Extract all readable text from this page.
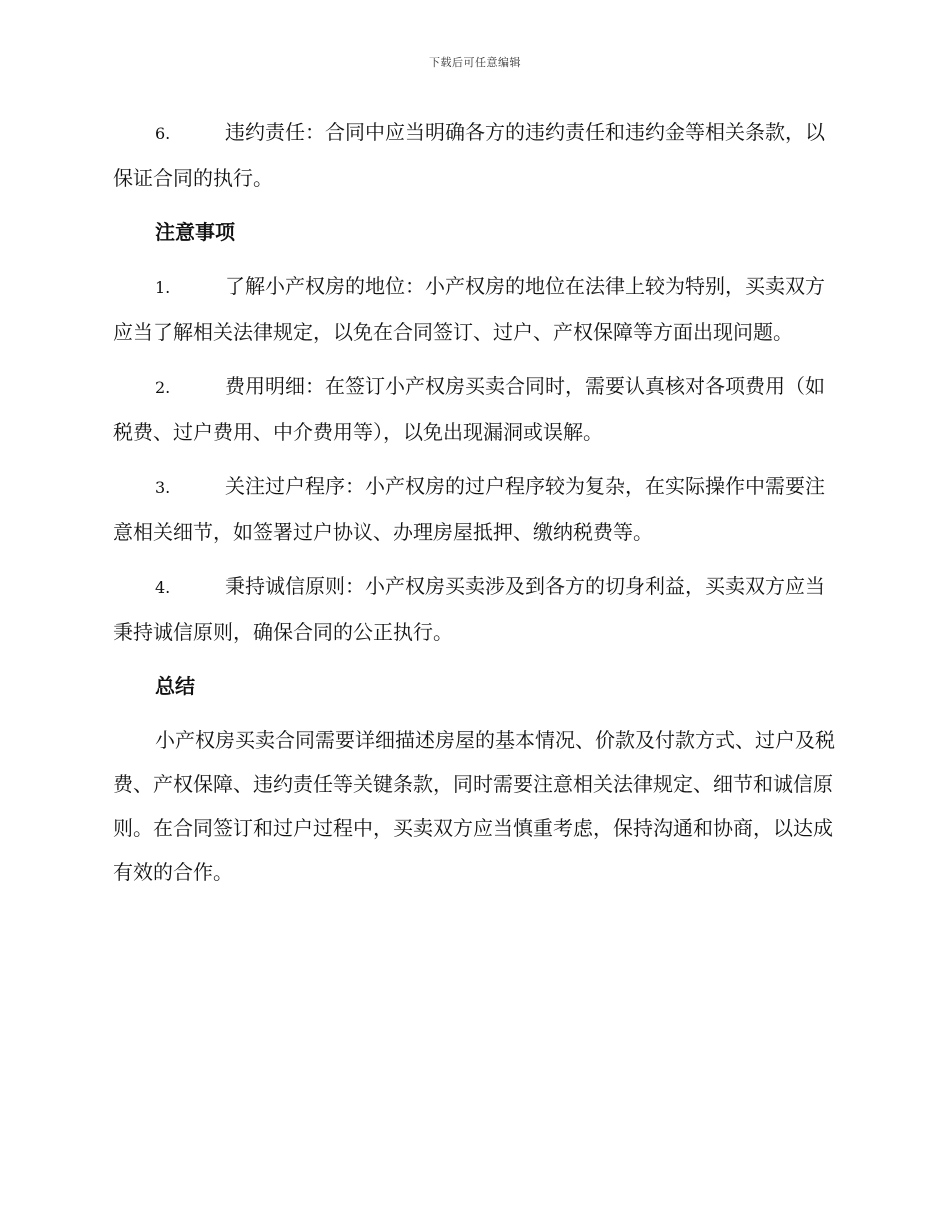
下载后可任意编辑

6.	违约责任：合同中应当明确各方的违约责任和违约金等相关条款，以保证合同的执行。

注意事项

1.	了解小产权房的地位：小产权房的地位在法律上较为特别，买卖双方应当了解相关法律规定，以免在合同签订、过户、产权保障等方面出现问题。

2.	费用明细：在签订小产权房买卖合同时，需要认真核对各项费用（如税费、过户费用、中介费用等），以免出现漏洞或误解。

3.	关注过户程序：小产权房的过户程序较为复杂，在实际操作中需要注意相关细节，如签署过户协议、办理房屋抵押、缴纳税费等。

4.	秉持诚信原则：小产权房买卖涉及到各方的切身利益，买卖双方应当秉持诚信原则，确保合同的公正执行。

总结

小产权房买卖合同需要详细描述房屋的基本情况、价款及付款方式、过户及税费、产权保障、违约责任等关键条款，同时需要注意相关法律规定、细节和诚信原则。在合同签订和过户过程中，买卖双方应当慎重考虑，保持沟通和协商，以达成有效的合作。
